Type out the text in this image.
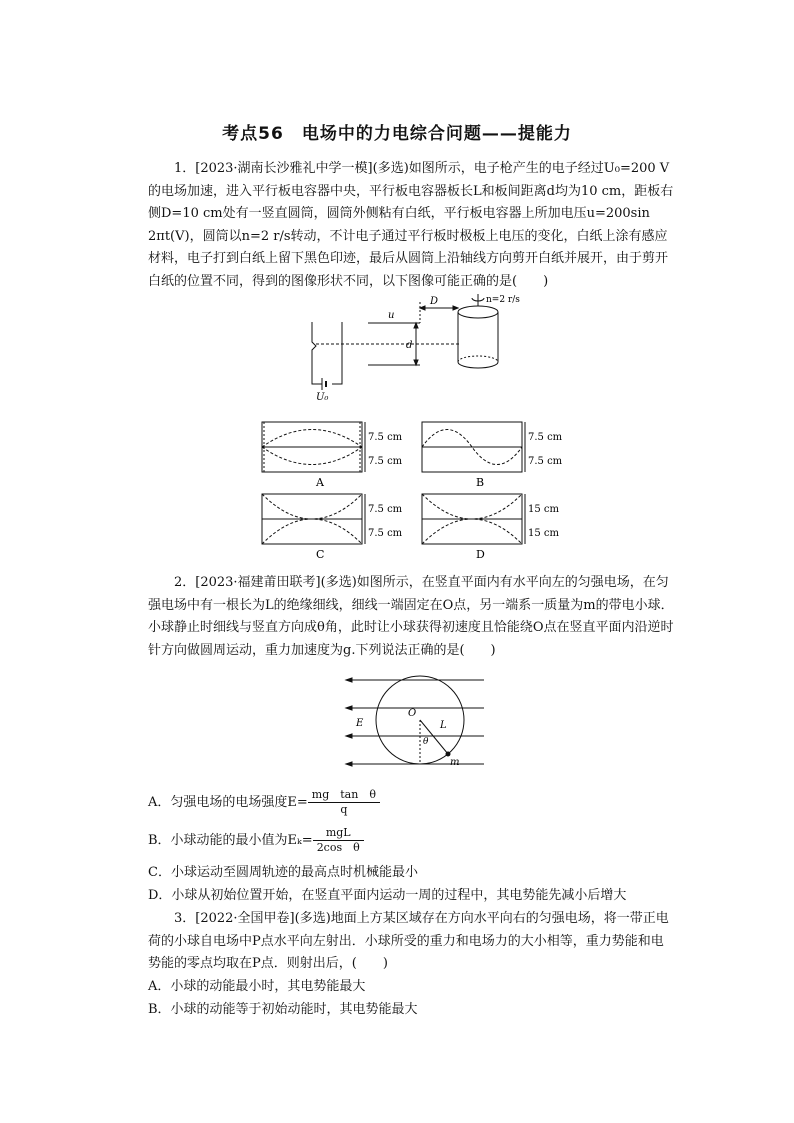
考点56　电场中的力电综合问题——提能力
1．[2023·湖南长沙雅礼中学一模](多选)如图所示，电子枪产生的电子经过U₀=200 V的电场加速，进入平行板电容器中央，平行板电容器板长L和板间距离d均为10 cm，距板右侧D=10 cm处有一竖直圆筒，圆筒外侧粘有白纸，平行板电容器上所加电压u=200sin 2πt(V)，圆筒以n=2 r/s转动，不计电子通过平行板时极板上电压的变化，白纸上涂有感应材料，电子打到白纸上留下黑色印迹，最后从圆筒上沿轴线方向剪开白纸并展开，由于剪开白纸的位置不同，得到的图像形状不同，以下图像可能正确的是(　　)
u
d
D
U₀
n=2 r/s
7.5 cm
7.5 cm
A
7.5 cm
7.5 cm
B
7.5 cm
7.5 cm
C
15 cm
15 cm
D
2．[2023·福建莆田联考](多选)如图所示，在竖直平面内有水平向左的匀强电场，在匀强电场中有一根长为L的绝缘细线，细线一端固定在O点，另一端系一质量为m的带电小球．小球静止时细线与竖直方向成θ角，此时让小球获得初速度且恰能绕O点在竖直平面内沿逆时针方向做圆周运动，重力加速度为g.下列说法正确的是(　　)
E
O
L
θ
m
A．匀强电场的电场强度$E= \frac{\text{mg　tan　θ}}{q}$
B．小球动能的最小值为$E_k= \frac{\text{mgL}}{\text{2cos　θ}}$
C．小球运动至圆周轨迹的最高点时机械能最小
D．小球从初始位置开始，在竖直平面内运动一周的过程中，其电势能先减小后增大
3．[2022·全国甲卷](多选)地面上方某区域存在方向水平向右的匀强电场，将一带正电荷的小球自电场中P点水平向左射出．小球所受的重力和电场力的大小相等，重力势能和电势能的零点均取在P点．则射出后，(　　)
A．小球的动能最小时，其电势能最大
B．小球的动能等于初始动能时，其电势能最大
